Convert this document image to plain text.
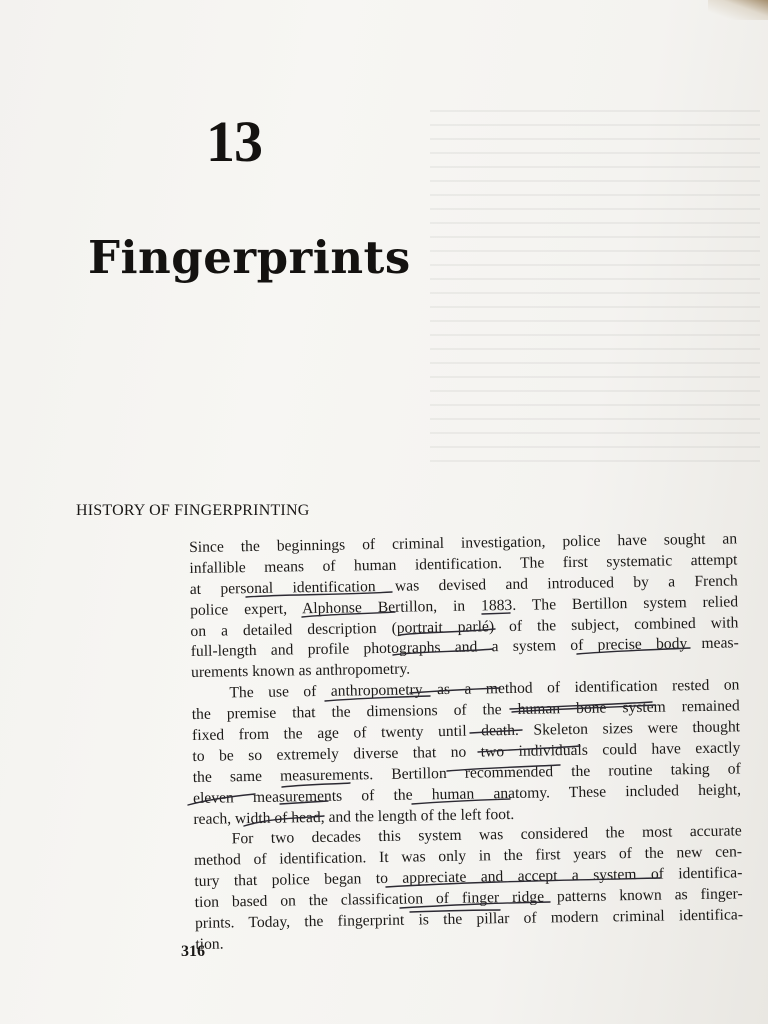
13
Fingerprints
HISTORY OF FINGERPRINTING
Since the beginnings of criminal investigation, police have sought an
infallible means of human identification. The first systematic attempt
at personal identification was devised and introduced by a French
police expert, Alphonse Bertillon, in 1883. The Bertillon system relied
on a detailed description (portrait parlé) of the subject, combined with
full-length and profile photographs and a system of precise body meas-
urements known as anthropometry.
The use of anthropometry as a method of identification rested on
the premise that the dimensions of the human bone system remained
fixed from the age of twenty until death. Skeleton sizes were thought
to be so extremely diverse that no two individuals could have exactly
the same measurements. Bertillon recommended the routine taking of
eleven measurements of the human anatomy. These included height,
reach, width of head, and the length of the left foot.
For two decades this system was considered the most accurate
method of identification. It was only in the first years of the new cen-
tury that police began to appreciate and accept a system of identifica-
tion based on the classification of finger ridge patterns known as finger-
prints. Today, the fingerprint is the pillar of modern criminal identifica-
tion.
316
